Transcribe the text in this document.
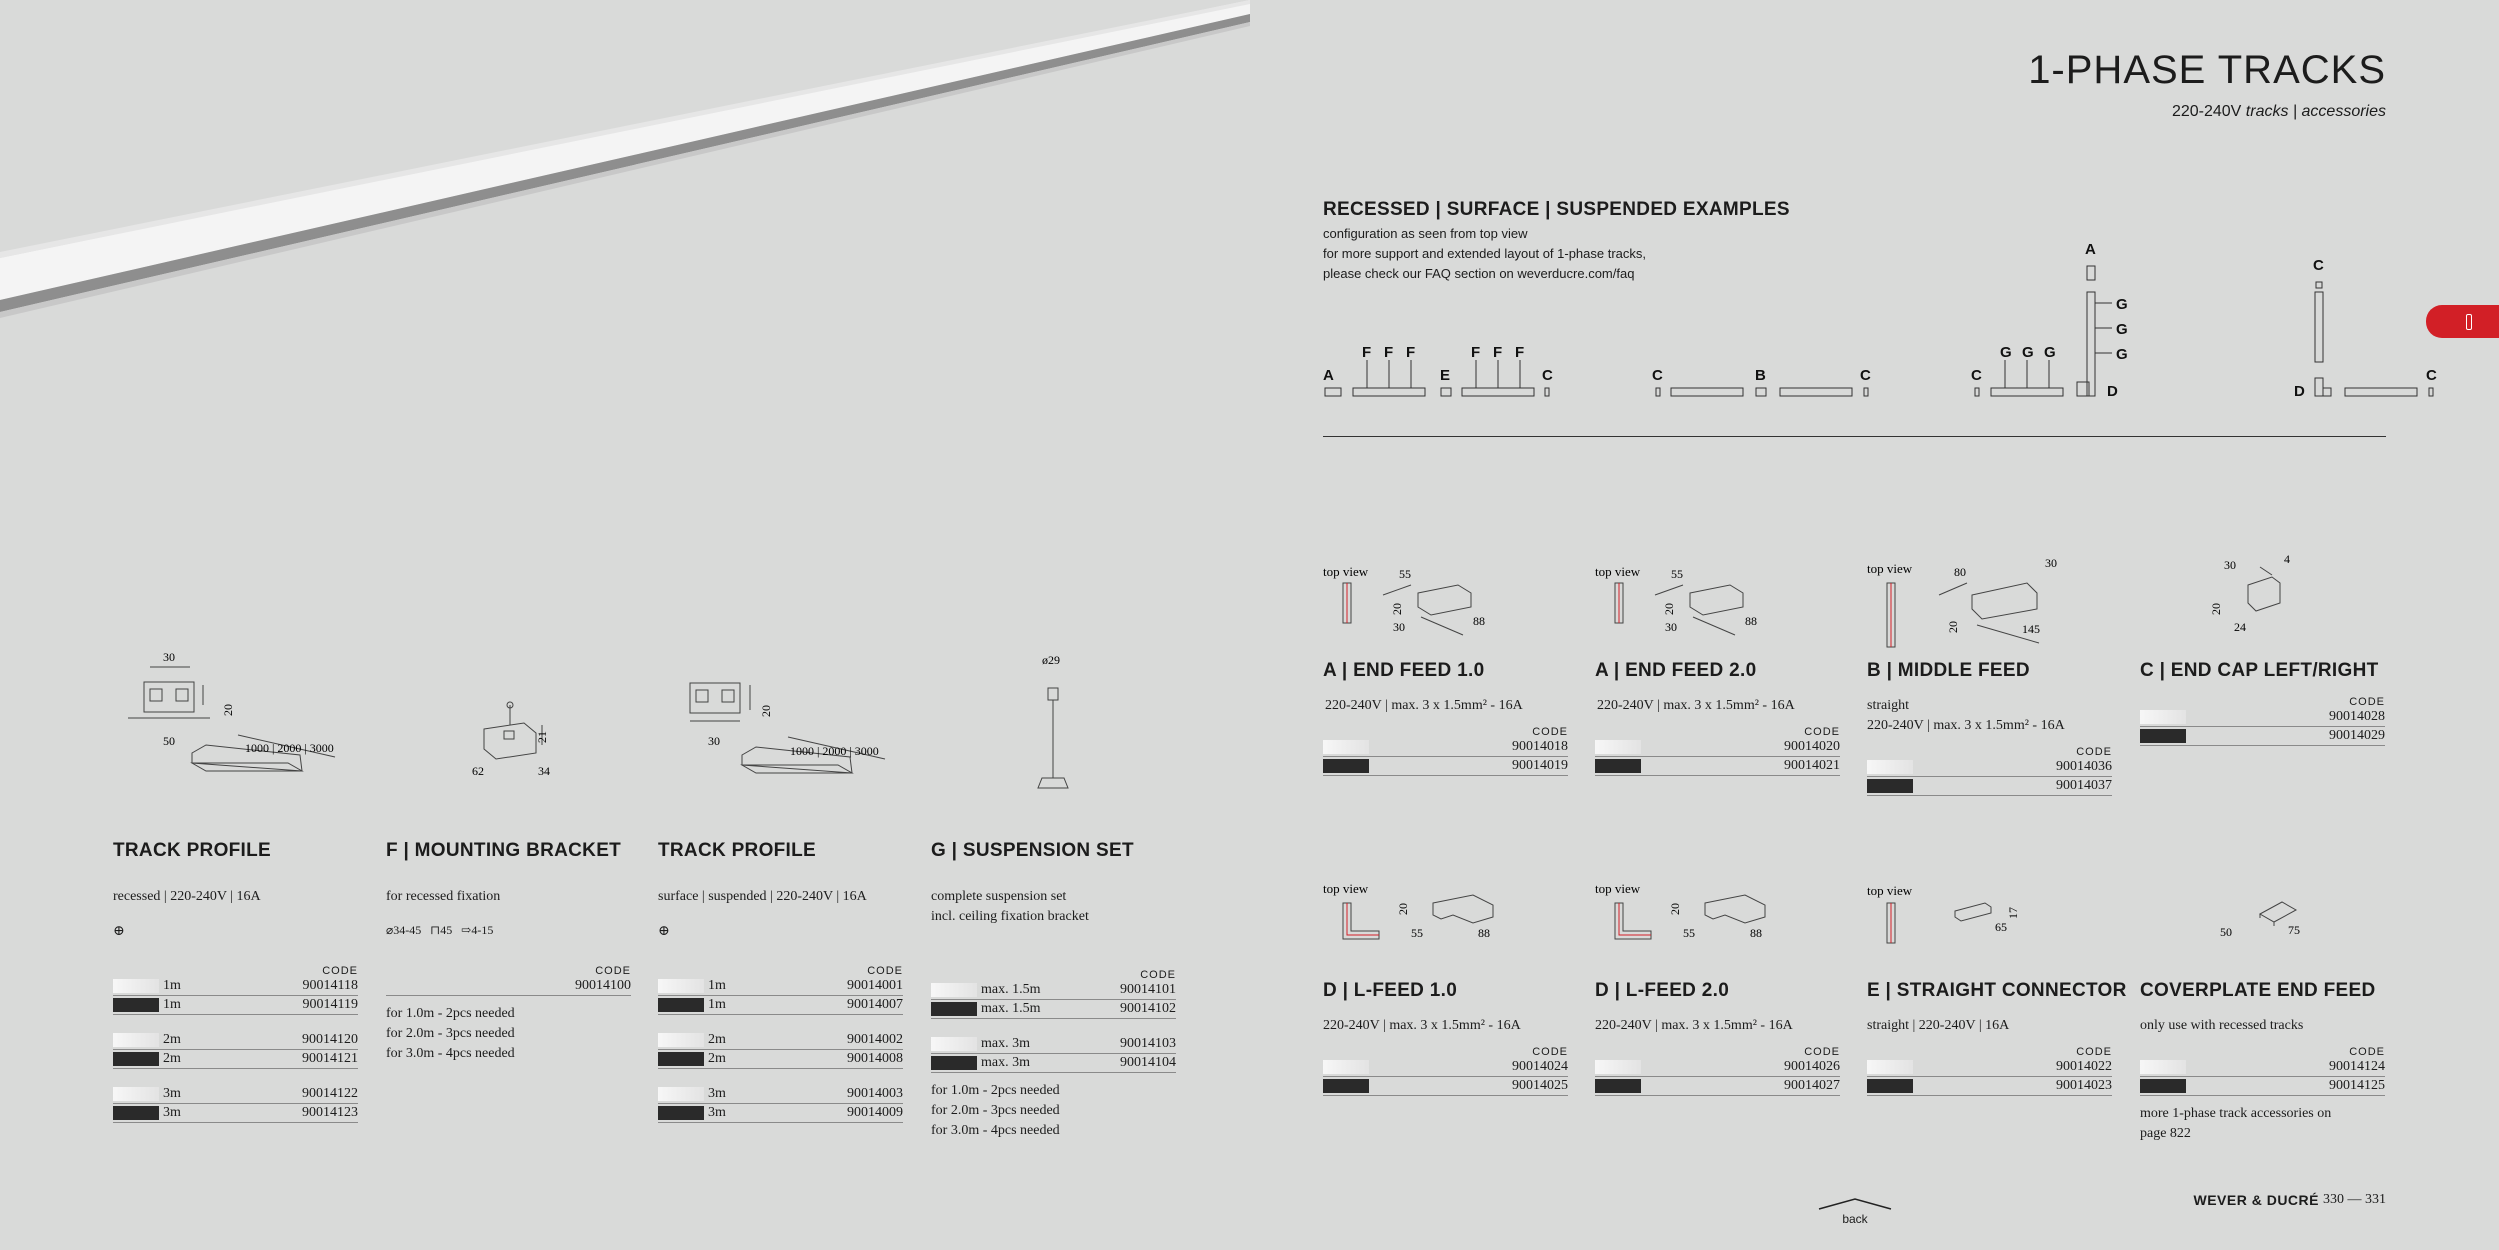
1-PHASE TRACKS
220-240V tracks | accessories
RECESSED | SURFACE | SUSPENDED EXAMPLES
configuration as seen from top view
for more support and extended layout of 1-phase tracks,
please check our FAQ section on weverducre.com/faq
A
F F F
E
F F F
C	C	B	C	C
G G G
A
G
G
G
D
C
D
C
30
20
50	1000 | 2000 | 3000
TRACK PROFILE
recessed | 220-240V | 16A
⊕
CODE
1m	90014118
1m	90014119
2m	90014120
2m	90014121
3m	90014122
3m	90014123
21
62	34
F | MOUNTING BRACKET
for recessed fixation
⌀34-45 ⊓45 ⇨4-15
CODE
90014100
for 1.0m - 2pcs needed
for 2.0m - 3pcs needed
for 3.0m - 4pcs needed
20
30
1000 | 2000 | 3000
TRACK PROFILE
surface | suspended | 220-240V | 16A
⊕
CODE
1m	90014001
1m	90014007
2m	90014002
2m	90014008
3m	90014003
3m	90014009
ø29
G | SUSPENSION SET
complete suspension set
incl. ceiling fixation bracket
CODE
max. 1.5m	90014101
max. 1.5m	90014102
max. 3m	90014103
max. 3m	90014104
for 1.0m - 2pcs needed
for 2.0m - 3pcs needed
for 3.0m - 4pcs needed
top view	55
20
30	88
A | END FEED 1.0
220-240V | max. 3 x 1.5mm² - 16A
CODE
90014018
90014019
top view	55
20
30	88
A | END FEED 2.0
220-240V | max. 3 x 1.5mm² - 16A
CODE
90014020
90014021
top view	80
30
20	145
B | MIDDLE FEED
straight
220-240V | max. 3 x 1.5mm² - 16A
CODE
90014036
90014037
30	4
20
24
C | END CAP LEFT/RIGHT
CODE
90014028
90014029
top view
20
55	88
D | L-FEED 1.0
220-240V | max. 3 x 1.5mm² - 16A
CODE
90014024
90014025
top view
20
55	88
D | L-FEED 2.0
220-240V | max. 3 x 1.5mm² - 16A
CODE
90014026
90014027
top view
17
65
E | STRAIGHT CONNECTOR
straight | 220-240V | 16A
CODE
90014022
90014023
50	75
COVERPLATE END FEED
only use with recessed tracks
CODE
90014124
90014125
more 1-phase track accessories on
page 822
back
WEVER & DUCRÉ 330 — 331
